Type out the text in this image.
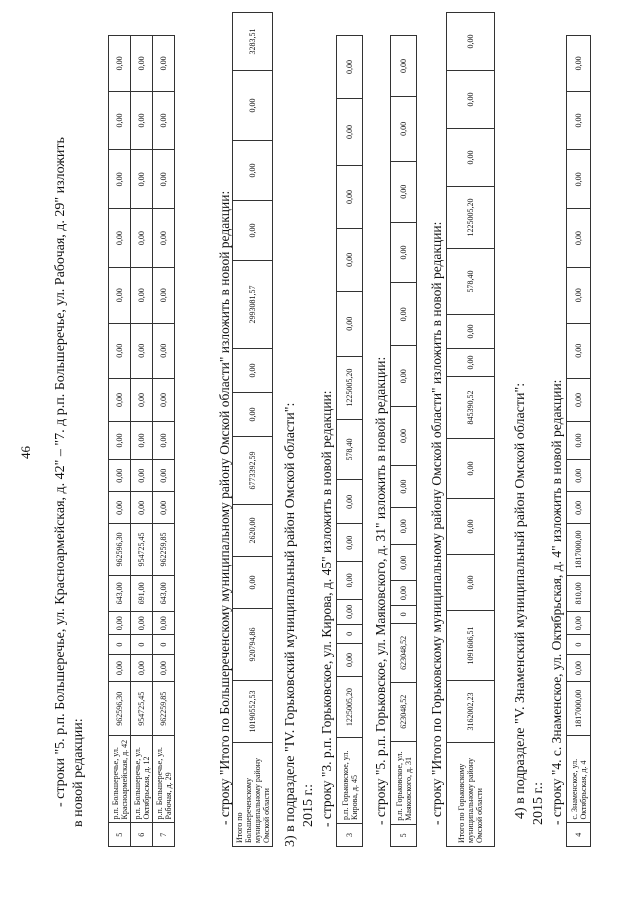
46 - строки "5. р.п. Большеречье, ул. Красноармейская, д. 42" – "7. д р.п. Большеречье, ул. Рабочая, д. 29" изложить в новой редакции:
5	р.п. Большеречье, ул. Красноармейская, д. 42	962596,30	0,00	0	0,00	643,00	962596,30	0,00	0,00	0,00	0,00	0,00	0,00	0,00	0,00	0,00	0,00
6	р.п. Большеречье, ул. Октябрьская, д. 12	954725,45	0,00	0	0,00	691,00	954725,45	0,00	0,00	0,00	0,00	0,00	0,00	0,00	0,00	0,00	0,00
7	р.п. Большеречье, ул. Рабочая, д. 29	962259,85	0,00	0	0,00	643,00	962259,85	0,00	0,00	0,00	0,00	0,00	0,00	0,00	0,00	0,00	0,00
- строку "Итого по Большереченскому муниципальному району Омской области" изложить в новой редакции:
Итого по Большереченскому муниципальному району Омской области	10190552,53	920794,86	0,00	2620,00	6773392,59	0,00	0,00	2993081,57	0,00	0,00	0,00	3283,51
3) в подразделе "IV. Горьковский муниципальный район Омской области": 2015 г.: - строку "3. р.п. Горьковское, ул. Кирова, д. 45" изложить в новой редакции:
3	р.п. Горьковское, ул. Кирова, д. 45	1225005,20	0,00	0	0,00	0,00	0,00	0,00	578,40	1225005,20	0,00	0,00	0,00	0,00	0,00
- строку "5. р.п. Горьковское, ул. Маяковского, д. 31" изложить в новой редакции:
5	р.п. Горьковское, ул. Маяковского, д. 31	623048,52	623048,52	0	0,00	0,00	0,00	0,00	0,00	0,00	0,00	0,00	0,00	0,00	0,00
- строку "Итого по Горьковскому муниципальному району Омской области" изложить в новой редакции: Итого по Горьковскому муниципальному району Омской области	3162002,23	1091606,51	0,00	0,00	0,00	845390,52	0,00	0,00	578,40	1225005,20	0,00	0,00	0,00
4) в подразделе "V. Знаменский муниципальный район Омской области": 2015 г.: - строку "4. с. Знаменское, ул. Октябрьская, д. 4" изложить в новой редакции:
4	с. Знаменское, ул. Октябрьская, д. 4	1817000,00	0,00	0	0,00	810,00	1817000,00	0,00	0,00	0,00	0,00	0,00	0,00	0,00	0,00	0,00	0,00
